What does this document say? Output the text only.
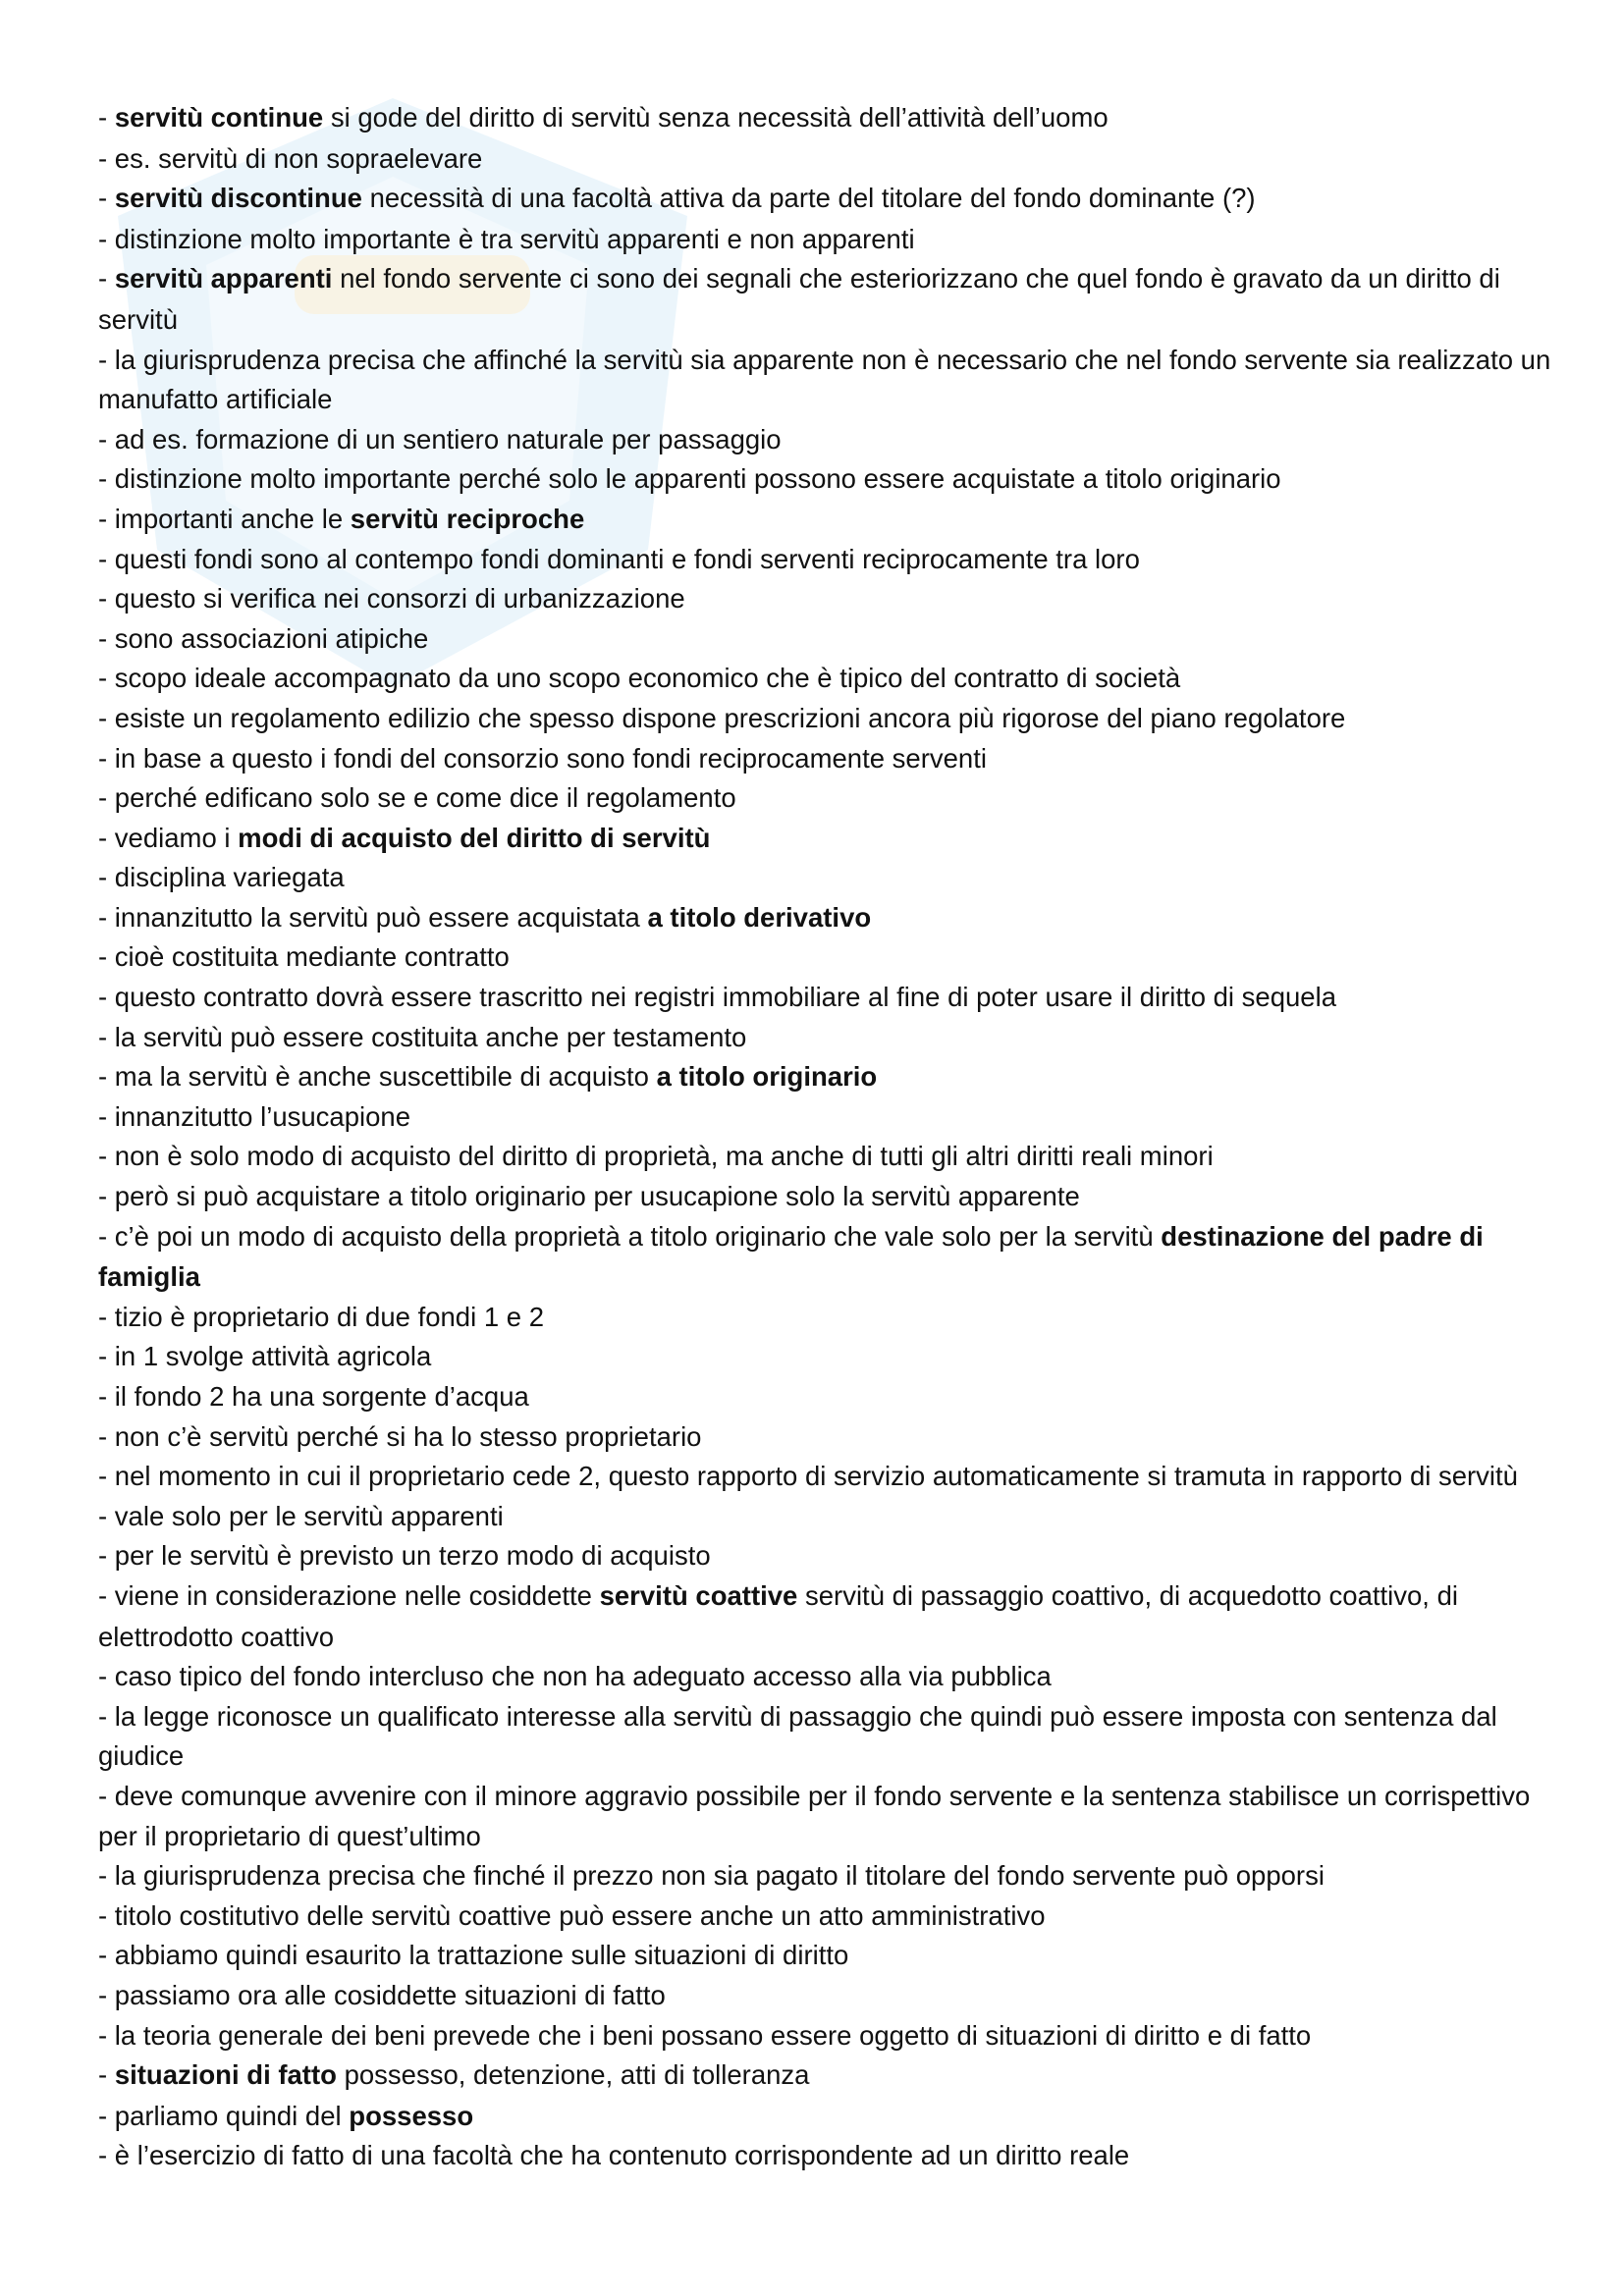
- servitù continue si gode del diritto di servitù senza necessità dell’attività dell’uomo

- es. servitù di non sopraelevare

- servitù discontinue necessità di una facoltà attiva da parte del titolare del fondo dominante (?)

- distinzione molto importante è tra servitù apparenti e non apparenti

- servitù apparenti nel fondo servente ci sono dei segnali che esteriorizzano che quel fondo è gravato da un diritto di servitù

- la giurisprudenza precisa che affinché la servitù sia apparente non è necessario che nel fondo servente sia realizzato un manufatto artificiale

- ad es. formazione di un sentiero naturale per passaggio

- distinzione molto importante perché solo le apparenti possono essere acquistate a titolo originario

- importanti anche le servitù reciproche

- questi fondi sono al contempo fondi dominanti e fondi serventi reciprocamente tra loro

- questo si verifica nei consorzi di urbanizzazione

- sono associazioni atipiche

- scopo ideale accompagnato da uno scopo economico che è tipico del contratto di società

- esiste un regolamento edilizio che spesso dispone prescrizioni ancora più rigorose del piano regolatore

- in base a questo i fondi del consorzio sono fondi reciprocamente serventi

- perché edificano solo se e come dice il regolamento

- vediamo i modi di acquisto del diritto di servitù

- disciplina variegata

- innanzitutto la servitù può essere acquistata a titolo derivativo

- cioè costituita mediante contratto

- questo contratto dovrà essere trascritto nei registri immobiliare al fine di poter usare il diritto di sequela

- la servitù può essere costituita anche per testamento

- ma la servitù è anche suscettibile di acquisto a titolo originario

- innanzitutto l’usucapione

- non è solo modo di acquisto del diritto di proprietà, ma anche di tutti gli altri diritti reali minori

- però si può acquistare a titolo originario per usucapione solo la servitù apparente

- c’è poi un modo di acquisto della proprietà a titolo originario che vale solo per la servitù destinazione del padre di famiglia

- tizio è proprietario di due fondi 1 e 2

- in 1 svolge attività agricola

- il fondo 2 ha una sorgente d’acqua

- non c’è servitù perché si ha lo stesso proprietario

- nel momento in cui il proprietario cede 2, questo rapporto di servizio automaticamente si tramuta in rapporto di servitù

- vale solo per le servitù apparenti

- per le servitù è previsto un terzo modo di acquisto

- viene in considerazione nelle cosiddette servitù coattive servitù di passaggio coattivo, di acquedotto coattivo, di elettrodotto coattivo

- caso tipico del fondo intercluso che non ha adeguato accesso alla via pubblica

- la legge riconosce un qualificato interesse alla servitù di passaggio che quindi può essere imposta con sentenza dal giudice

- deve comunque avvenire con il minore aggravio possibile per il fondo servente e la sentenza stabilisce un corrispettivo per il proprietario di quest’ultimo

- la giurisprudenza precisa che finché il prezzo non sia pagato il titolare del fondo servente può opporsi

- titolo costitutivo delle servitù coattive può essere anche un atto amministrativo

- abbiamo quindi esaurito la trattazione sulle situazioni di diritto

- passiamo ora alle cosiddette situazioni di fatto

- la teoria generale dei beni prevede che i beni possano essere oggetto di situazioni di diritto e di fatto

- situazioni di fatto possesso, detenzione, atti di tolleranza

- parliamo quindi del possesso

- è l’esercizio di fatto di una facoltà che ha contenuto corrispondente ad un diritto reale
